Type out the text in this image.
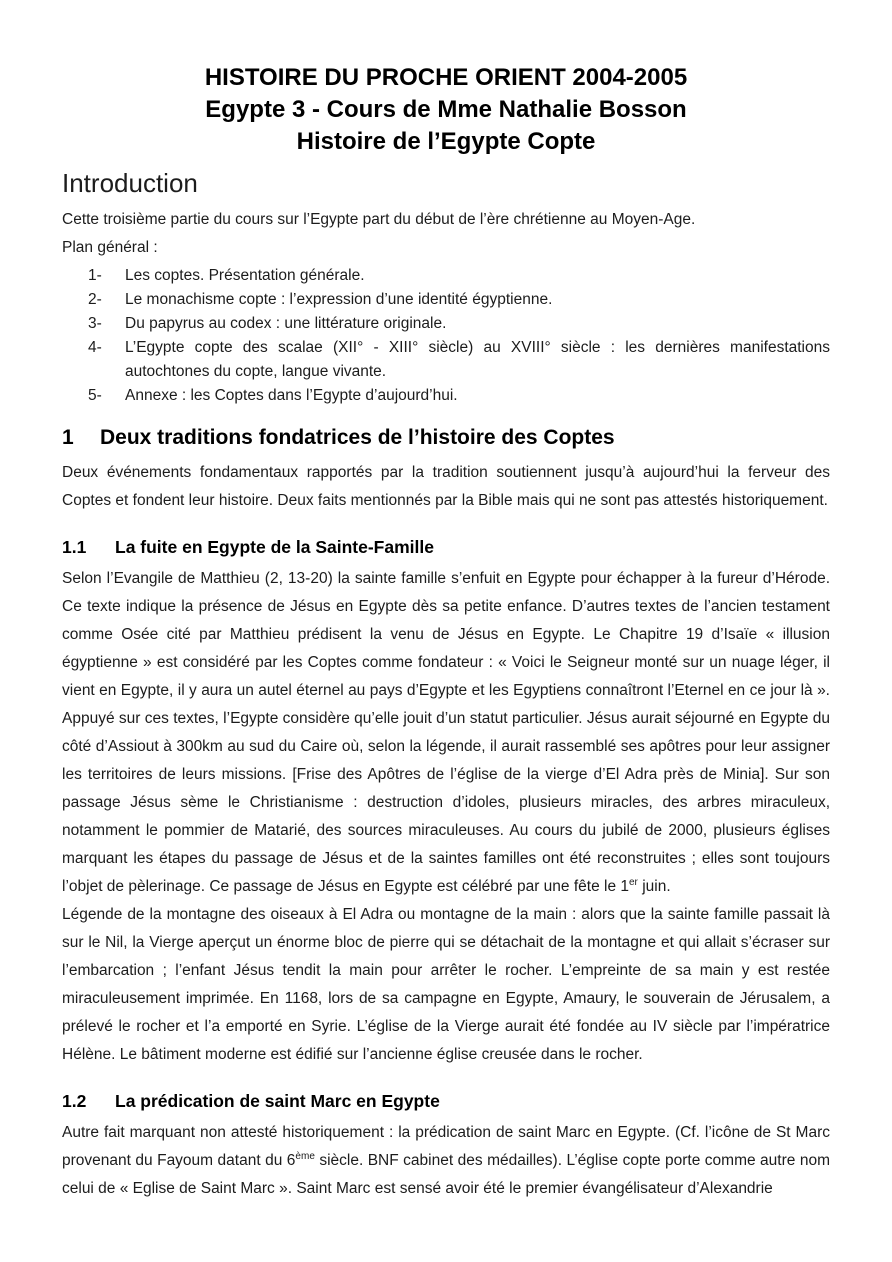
HISTOIRE DU PROCHE ORIENT 2004-2005
Egypte 3 - Cours de Mme Nathalie Bosson
Histoire de l’Egypte Copte
Introduction

Cette troisième partie du cours sur l’Egypte part du début de l’ère chrétienne au Moyen-Age.

Plan général :

1-	Les coptes. Présentation générale.
2-	Le monachisme copte : l’expression d’une identité égyptienne.
3-	Du papyrus au codex : une littérature originale.
4-	L’Egypte copte des scalae (XII° - XIII° siècle) au XVIII° siècle : les dernières manifestations autochtones du copte, langue vivante.
5-	Annexe : les Coptes dans l’Egypte d’aujourd’hui.
1 Deux traditions fondatrices de l’histoire des Coptes

Deux événements fondamentaux rapportés par la tradition soutiennent jusqu’à aujourd’hui la ferveur des Coptes et fondent leur histoire. Deux faits mentionnés par la Bible mais qui ne sont pas attestés historiquement.

1.1 La fuite en Egypte de la Sainte-Famille

Selon l’Evangile de Matthieu (2, 13-20) la sainte famille s’enfuit en Egypte pour échapper à la fureur d’Hérode. Ce texte indique la présence de Jésus en Egypte dès sa petite enfance. D’autres textes de l’ancien testament comme Osée cité par Matthieu prédisent la venu de Jésus en Egypte. Le Chapitre 19 d’Isaïe « illusion égyptienne » est considéré par les Coptes comme fondateur : « Voici le Seigneur monté sur un nuage léger, il vient en Egypte, il y aura un autel éternel au pays d’Egypte et les Egyptiens connaîtront l’Eternel en ce jour là ». Appuyé sur ces textes, l’Egypte considère qu’elle jouit d’un statut particulier. Jésus aurait séjourné en Egypte du côté d’Assiout à 300km au sud du Caire où, selon la légende, il aurait rassemblé ses apôtres pour leur assigner les territoires de leurs missions. [Frise des Apôtres de l’église de la vierge d’El Adra près de Minia]. Sur son passage Jésus sème le Christianisme : destruction d’idoles, plusieurs miracles, des arbres miraculeux, notamment le pommier de Matarié, des sources miraculeuses. Au cours du jubilé de 2000, plusieurs églises marquant les étapes du passage de Jésus et de la saintes familles ont été reconstruites ; elles sont toujours l’objet de pèlerinage. Ce passage de Jésus en Egypte est célébré par une fête le 1er juin.

Légende de la montagne des oiseaux à El Adra ou montagne de la main : alors que la sainte famille passait là sur le Nil, la Vierge aperçut un énorme bloc de pierre qui se détachait de la montagne et qui allait s’écraser sur l’embarcation ; l’enfant Jésus tendit la main pour arrêter le rocher. L’empreinte de sa main y est restée miraculeusement imprimée. En 1168, lors de sa campagne en Egypte, Amaury, le souverain de Jérusalem, a prélevé le rocher et l’a emporté en Syrie. L’église de la Vierge aurait été fondée au IV siècle par l’impératrice Hélène. Le bâtiment moderne est édifié sur l’ancienne église creusée dans le rocher.

1.2 La prédication de saint Marc en Egypte

Autre fait marquant non attesté historiquement : la prédication de saint Marc en Egypte. (Cf. l’icône de St Marc provenant du Fayoum datant du 6ème siècle. BNF cabinet des médailles). L’église copte porte comme autre nom celui de « Eglise de Saint Marc ». Saint Marc est sensé avoir été le premier évangélisateur d’Alexandrie
